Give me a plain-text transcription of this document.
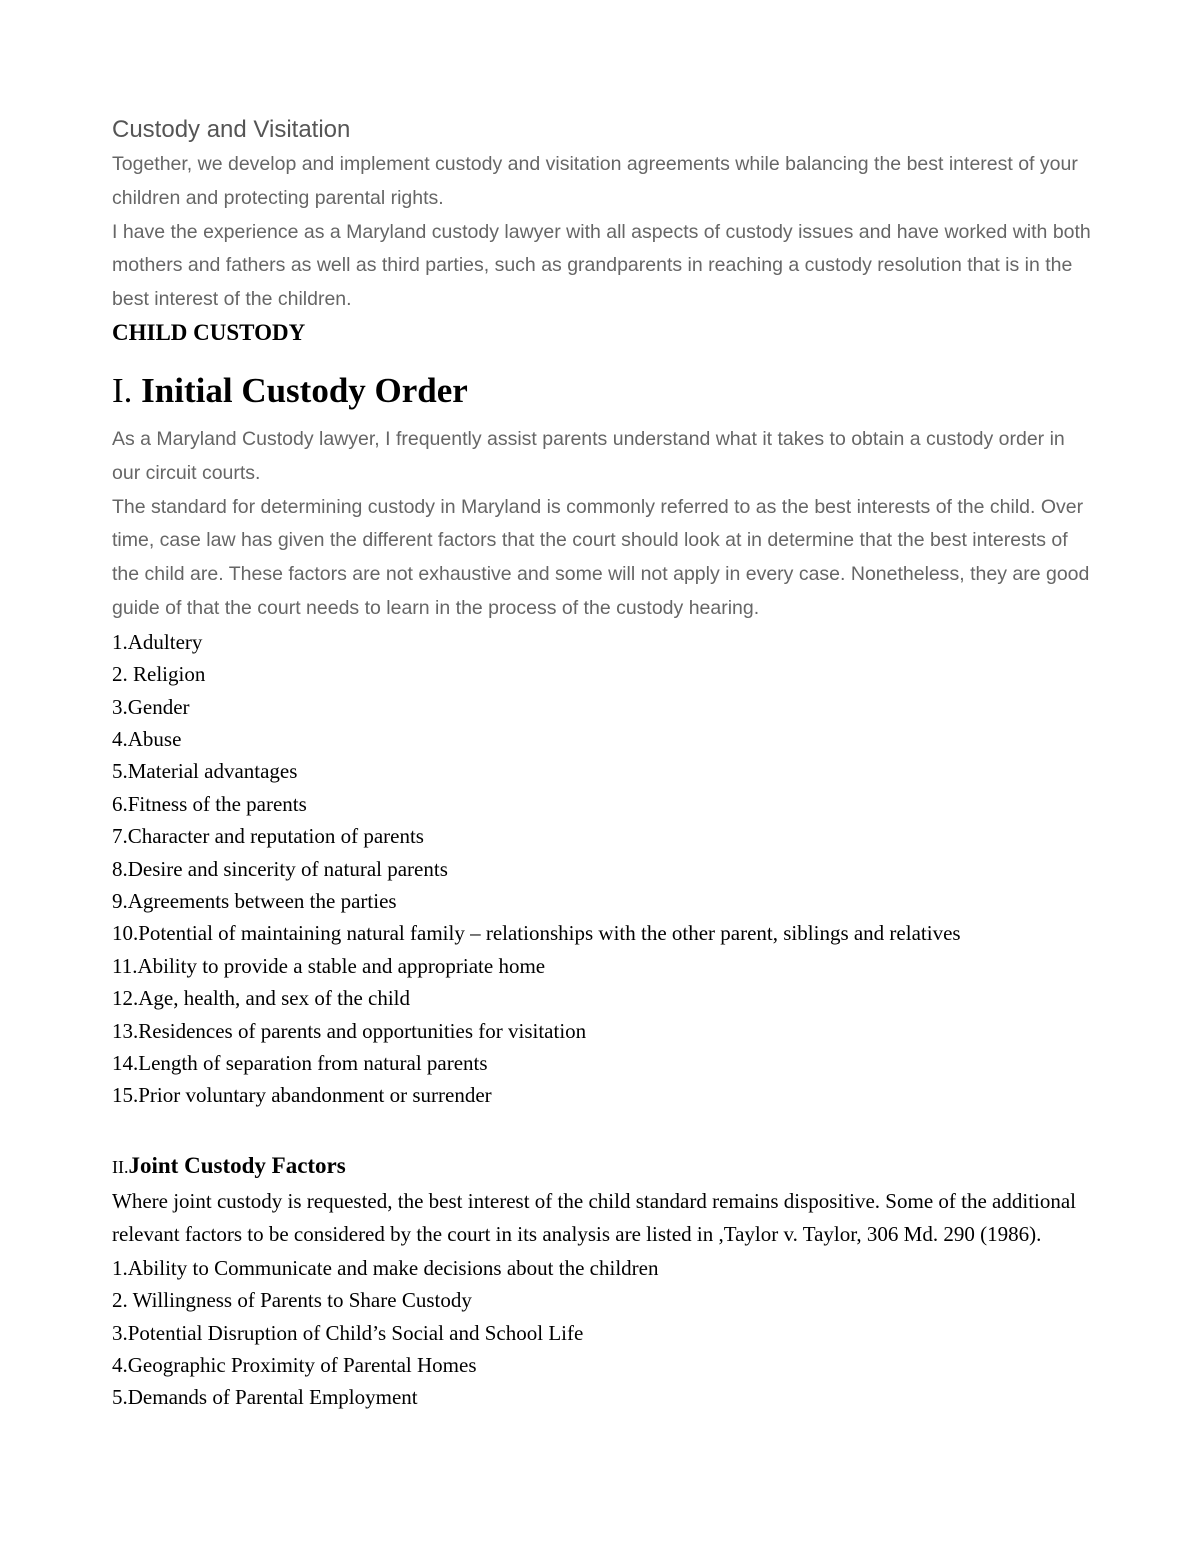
Custody and Visitation

Together, we develop and implement custody and visitation agreements while balancing the best interest of your children and protecting parental rights.

I have the experience as a Maryland custody lawyer with all aspects of custody issues and have worked with both mothers and fathers as well as third parties, such as grandparents in reaching a custody resolution that is in the best interest of the children.

CHILD CUSTODY

I. Initial Custody Order

As a Maryland Custody lawyer, I frequently assist parents understand what it takes to obtain a custody order in our circuit courts.

The standard for determining custody in Maryland is commonly referred to as the best interests of the child. Over time, case law has given the different factors that the court should look at in determine that the best interests of the child are. These factors are not exhaustive and some will not apply in every case. Nonetheless, they are good guide of that the court needs to learn in the process of the custody hearing.

1.Adultery
2. Religion
3.Gender
4.Abuse
5.Material advantages
6.Fitness of the parents
7.Character and reputation of parents
8.Desire and sincerity of natural parents
9.Agreements between the parties
10.Potential of maintaining natural family – relationships with the other parent, siblings and relatives
11.Ability to provide a stable and appropriate home
12.Age, health, and sex of the child
13.Residences of parents and opportunities for visitation
14.Length of separation from natural parents
15.Prior voluntary abandonment or surrender
II.Joint Custody Factors

Where joint custody is requested, the best interest of the child standard remains dispositive. Some of the additional relevant factors to be considered by the court in its analysis are listed in ,Taylor v. Taylor, 306 Md. 290 (1986).

1.Ability to Communicate and make decisions about the children
2. Willingness of Parents to Share Custody
3.Potential Disruption of Child’s Social and School Life
4.Geographic Proximity of Parental Homes
5.Demands of Parental Employment
